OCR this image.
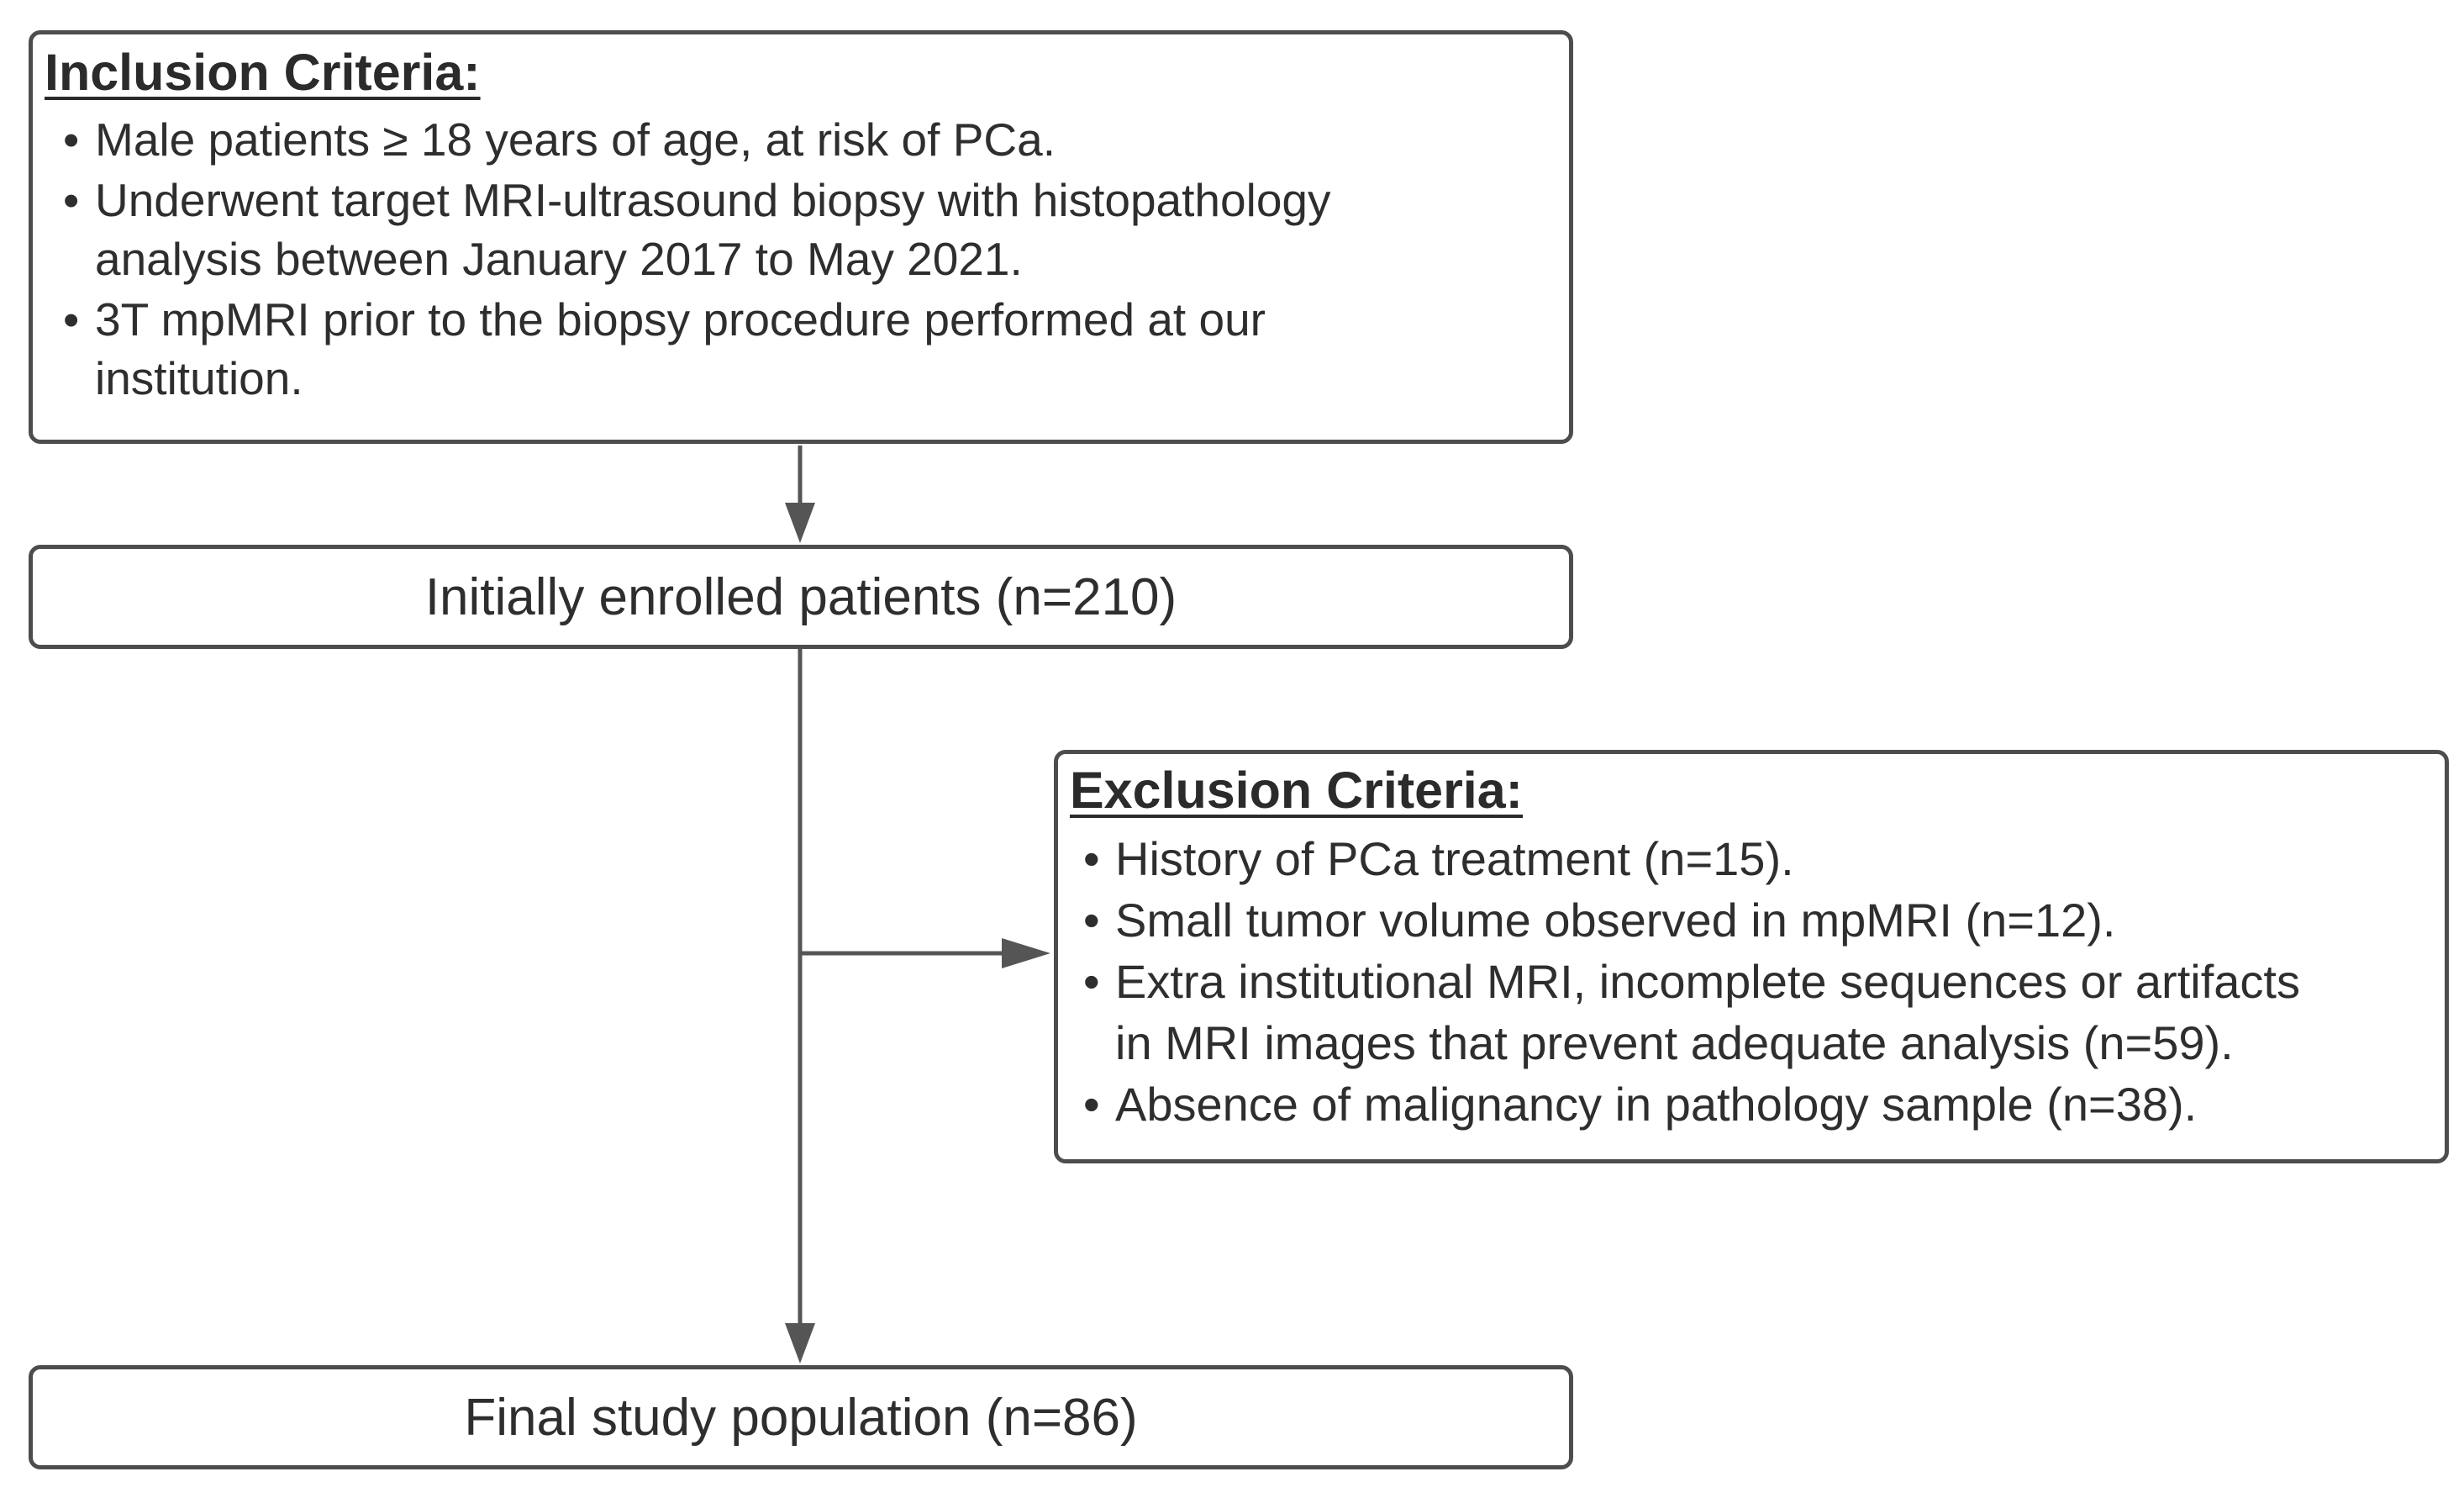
Inclusion Criteria:
• Male patients ≥ 18 years of age, at risk of PCa.
• Underwent target MRI-ultrasound biopsy with histopathology
analysis between January 2017 to May 2021.
• 3T mpMRI prior to the biopsy procedure performed at our
institution.
Initially enrolled patients (n=210)
Exclusion Criteria:
• History of PCa treatment (n=15).
• Small tumor volume observed in mpMRI (n=12).
• Extra institutional MRI, incomplete sequences or artifacts
in MRI images that prevent adequate analysis (n=59).
• Absence of malignancy in pathology sample (n=38).
Final study population (n=86)
